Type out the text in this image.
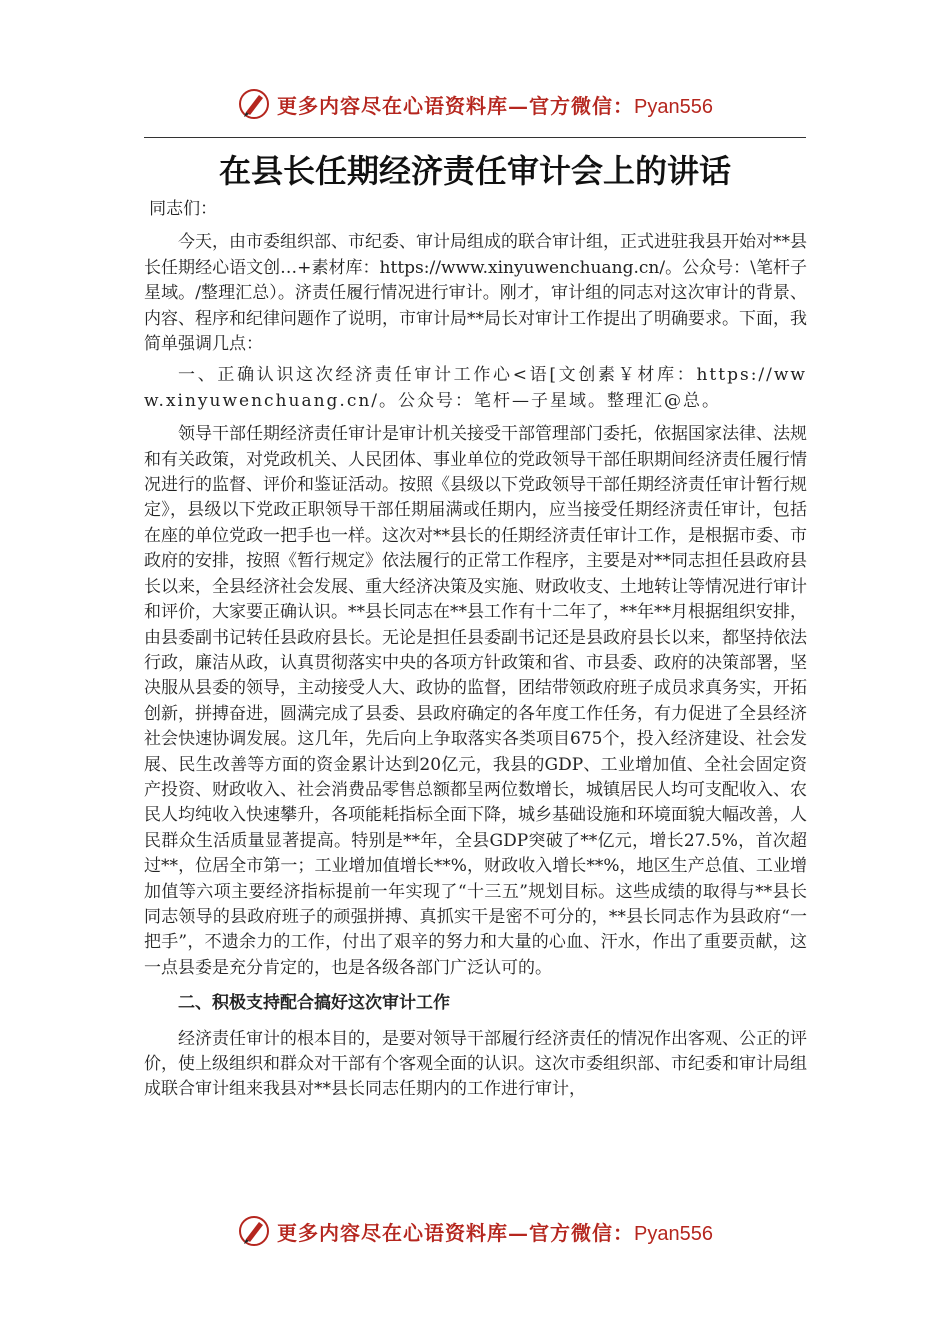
更多内容尽在心语资料库—官方微信：Pyan556
在县长任期经济责任审计会上的讲话

同志们：

今天，由市委组织部、市纪委、审计局组成的联合审计组，正式进驻我县开始对**县长任期经心语文创…+素材库：https://www.xinyuwenchuang.cn/。公众号：\笔杆子星域。/整理汇总）。济责任履行情况进行审计。刚才，审计组的同志对这次审计的背景、内容、程序和纪律问题作了说明，市审计局**局长对审计工作提出了明确要求。下面，我简单强调几点：

一、正确认识这次经济责任审计工作心<语[文创素￥材库：https://www.xinyuwenchuang.cn/。公众号：笔杆—子星域。整理汇@总。

领导干部任期经济责任审计是审计机关接受干部管理部门委托，依据国家法律、法规和有关政策，对党政机关、人民团体、事业单位的党政领导干部任职期间经济责任履行情况进行的监督、评价和鉴证活动。按照《县级以下党政领导干部任期经济责任审计暂行规定》，县级以下党政正职领导干部任期届满或任期内，应当接受任期经济责任审计，包括在座的单位党政一把手也一样。这次对**县长的任期经济责任审计工作，是根据市委、市政府的安排，按照《暂行规定》依法履行的正常工作程序，主要是对**同志担任县政府县长以来，全县经济社会发展、重大经济决策及实施、财政收支、土地转让等情况进行审计和评价，大家要正确认识。**县长同志在**县工作有十二年了，**年**月根据组织安排，由县委副书记转任县政府县长。无论是担任县委副书记还是县政府县长以来，都坚持依法行政，廉洁从政，认真贯彻落实中央的各项方针政策和省、市县委、政府的决策部署，坚决服从县委的领导，主动接受人大、政协的监督，团结带领政府班子成员求真务实，开拓创新，拼搏奋进，圆满完成了县委、县政府确定的各年度工作任务，有力促进了全县经济社会快速协调发展。这几年，先后向上争取落实各类项目675个，投入经济建设、社会发展、民生改善等方面的资金累计达到20亿元，我县的GDP、工业增加值、全社会固定资产投资、财政收入、社会消费品零售总额都呈两位数增长，城镇居民人均可支配收入、农民人均纯收入快速攀升，各项能耗指标全面下降，城乡基础设施和环境面貌大幅改善，人民群众生活质量显著提高。特别是**年，全县GDP突破了**亿元，增长27.5%，首次超过**，位居全市第一；工业增加值增长**%，财政收入增长**%，地区生产总值、工业增加值等六项主要经济指标提前一年实现了“十三五”规划目标。这些成绩的取得与**县长同志领导的县政府班子的顽强拼搏、真抓实干是密不可分的，**县长同志作为县政府“一把手”，不遗余力的工作，付出了艰辛的努力和大量的心血、汗水，作出了重要贡献，这一点县委是充分肯定的，也是各级各部门广泛认可的。

二、积极支持配合搞好这次审计工作

经济责任审计的根本目的，是要对领导干部履行经济责任的情况作出客观、公正的评价，使上级组织和群众对干部有个客观全面的认识。这次市委组织部、市纪委和审计局组成联合审计组来我县对**县长同志任期内的工作进行审计，

更多内容尽在心语资料库—官方微信：Pyan556
